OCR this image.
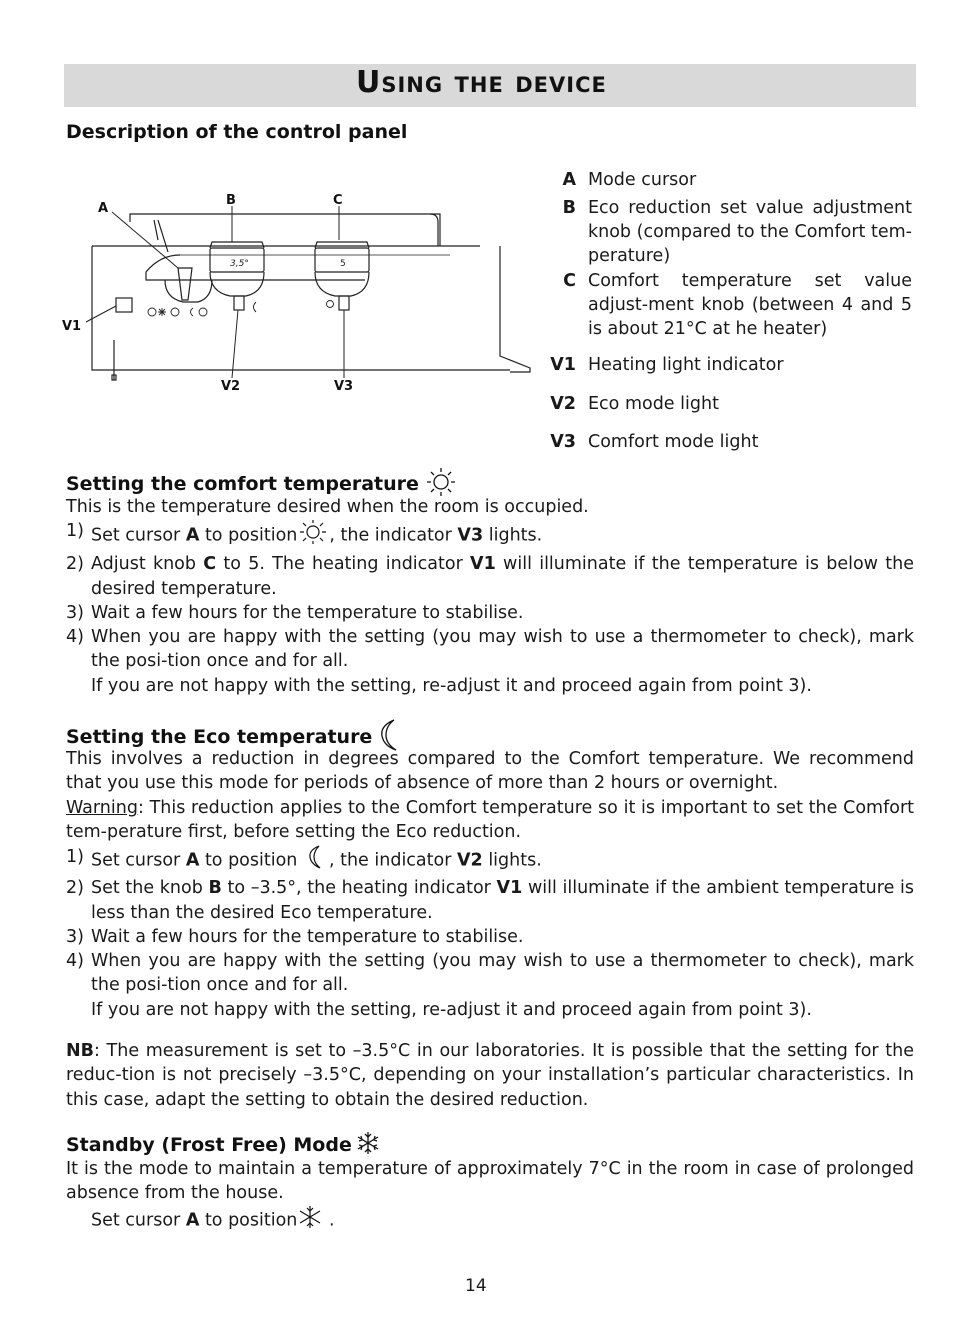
Using the device
Description of the control panel
3,5°	5
A
B	C
V1
V2	V3
A Mode cursor
B Eco reduction set value adjustment knob (compared to the Comfort tem-perature)
C Comfort temperature set value adjust-ment knob (between 4 and 5 is about 21°C at he heater)
V1 Heating light indicator
V2 Eco mode light
V3 Comfort mode light
Setting the comfort temperature

This is the temperature desired when the room is occupied.

1) Set cursor A to position , the indicator V3 lights.
2) Adjust knob C to 5. The heating indicator V1 will illuminate if the temperature is below the desired temperature.
3) Wait a few hours for the temperature to stabilise.
4) When you are happy with the setting (you may wish to use a thermometer to check), mark the posi-tion once and for all.
If you are not happy with the setting, re-adjust it and proceed again from point 3).
Setting the Eco temperature

This involves a reduction in degrees compared to the Comfort temperature. We recommend that you use this mode for periods of absence of more than 2 hours or overnight.

Warning: This reduction applies to the Comfort temperature so it is important to set the Comfort tem-perature first, before setting the Eco reduction.

1) Set cursor A to position , the indicator V2 lights.
2) Set the knob B to –3.5°, the heating indicator V1 will illuminate if the ambient temperature is less than the desired Eco temperature.
3) Wait a few hours for the temperature to stabilise.
4) When you are happy with the setting (you may wish to use a thermometer to check), mark the posi-tion once and for all.
If you are not happy with the setting, re-adjust it and proceed again from point 3).

NB: The measurement is set to –3.5°C in our laboratories. It is possible that the setting for the reduc-tion is not precisely –3.5°C, depending on your installation’s particular characteristics. In this case, adapt the setting to obtain the desired reduction.

Standby (Frost Free) Mode

It is the mode to maintain a temperature of approximately 7°C in the room in case of prolonged absence from the house.

Set cursor A to position .

14
